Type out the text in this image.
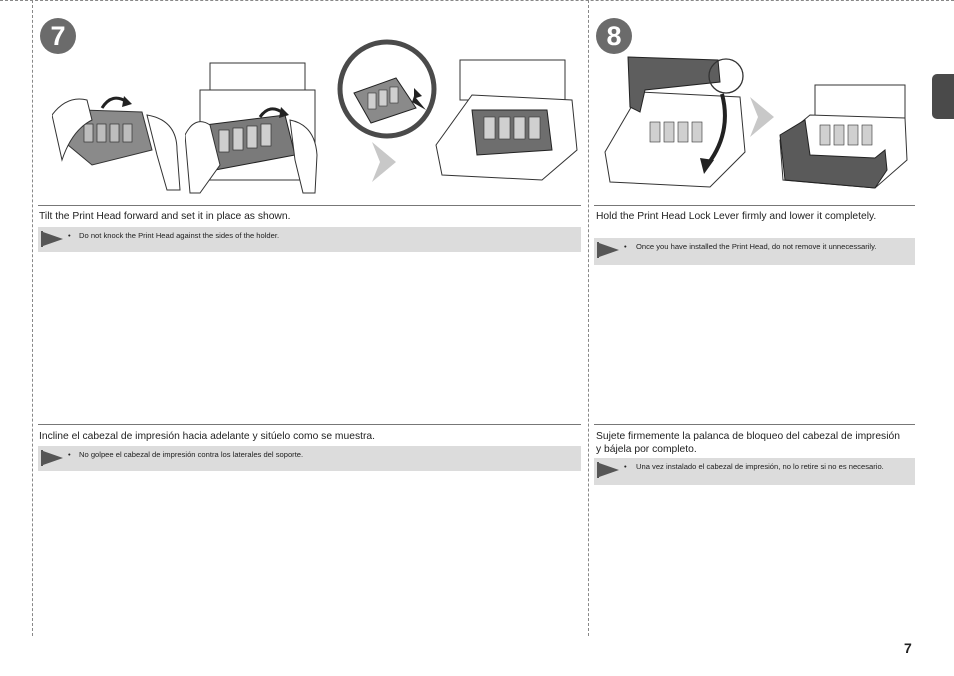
7
Tilt the Print Head forward and set it in place as shown.
• Do not knock the Print Head against the sides of the holder.
Incline el cabezal de impresión hacia adelante y sitúelo como se muestra.
• No golpee el cabezal de impresión contra los laterales del soporte.
8
Hold the Print Head Lock Lever firmly and lower it completely.
• Once you have installed the Print Head, do not remove it unnecessarily.
Sujete firmemente la palanca de bloqueo del cabezal de impresión y bájela por completo.
• Una vez instalado el cabezal de impresión, no lo retire si no es necesario.
7
